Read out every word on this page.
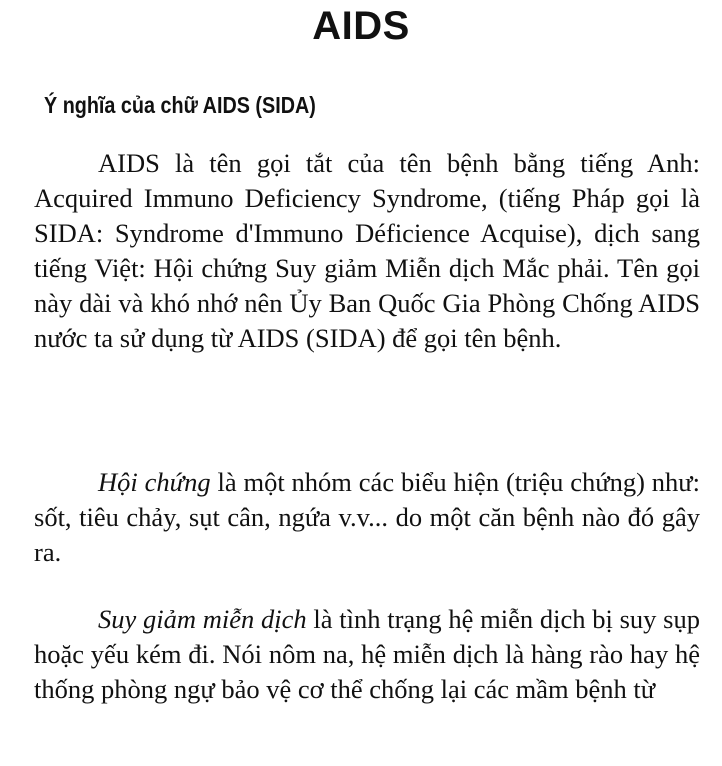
AIDS
Ý nghĩa của chữ AIDS (SIDA)

AIDS là tên gọi tắt của tên bệnh bằng tiếng Anh: Acquired Immuno Deficiency Syndrome, (tiếng Pháp gọi là SIDA: Syndrome d'Immuno Déficience Acquise), dịch sang tiếng Việt: Hội chứng Suy giảm Miễn dịch Mắc phải. Tên gọi này dài và khó nhớ nên Ủy Ban Quốc Gia Phòng Chống AIDS nước ta sử dụng từ AIDS (SIDA) để gọi tên bệnh.

Hội chứng là một nhóm các biểu hiện (triệu chứng) như: sốt, tiêu chảy, sụt cân, ngứa v.v... do một căn bệnh nào đó gây ra.

Suy giảm miễn dịch là tình trạng hệ miễn dịch bị suy sụp hoặc yếu kém đi. Nói nôm na, hệ miễn dịch là hàng rào hay hệ thống phòng ngự bảo vệ cơ thể chống lại các mầm bệnh từ
